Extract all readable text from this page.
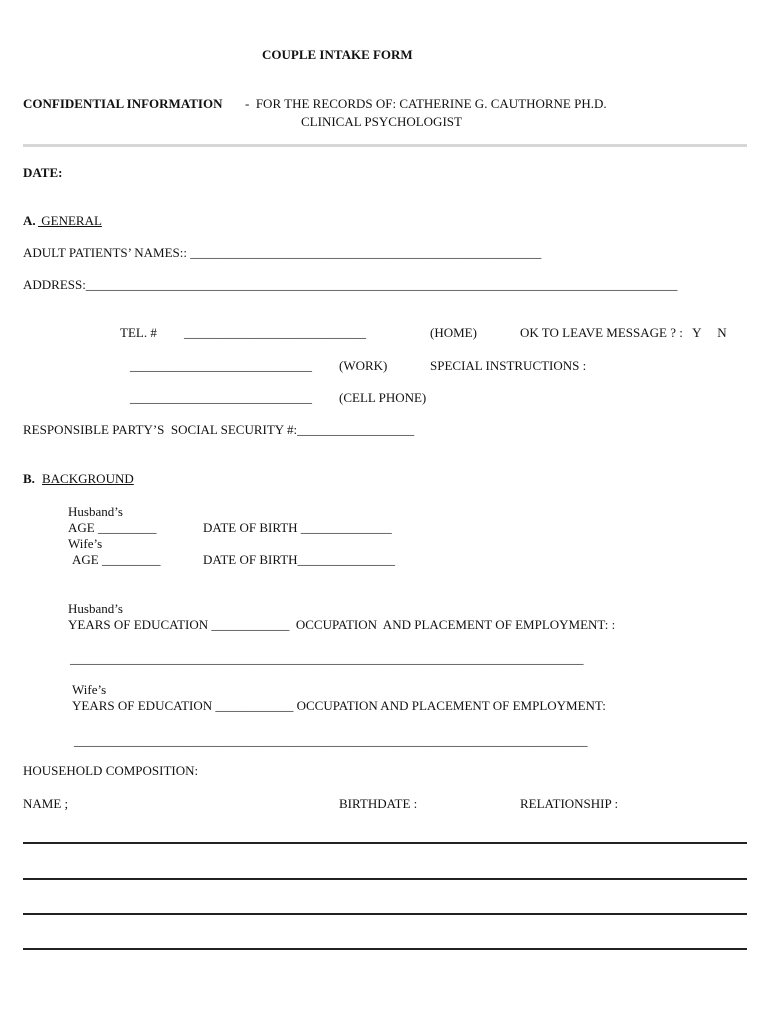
COUPLE INTAKE FORM
CONFIDENTIAL INFORMATION -  FOR THE RECORDS OF: CATHERINE G. CAUTHORNE PH.D.
CLINICAL PSYCHOLOGIST
DATE:
A. GENERAL
ADULT PATIENTS’ NAMES:: ______________________________________________________
ADDRESS:___________________________________________________________________________________________
TEL. # ____________________________	(HOME)	OK TO LEAVE MESSAGE ? :   Y     N
____________________________ (WORK)	SPECIAL INSTRUCTIONS :
____________________________ (CELL PHONE)
RESPONSIBLE PARTY’S  SOCIAL SECURITY #:__________________
B. BACKGROUND
Husband’s
AGE _________	DATE OF BIRTH ______________
Wife’s
AGE _________	DATE OF BIRTH_______________
Husband’s
YEARS OF EDUCATION ____________  OCCUPATION  AND PLACEMENT OF EMPLOYMENT: :
_______________________________________________________________________________
Wife’s
YEARS OF EDUCATION ____________ OCCUPATION AND PLACEMENT OF EMPLOYMENT:
_______________________________________________________________________________
HOUSEHOLD COMPOSITION:
NAME ;	BIRTHDATE :	RELATIONSHIP :
